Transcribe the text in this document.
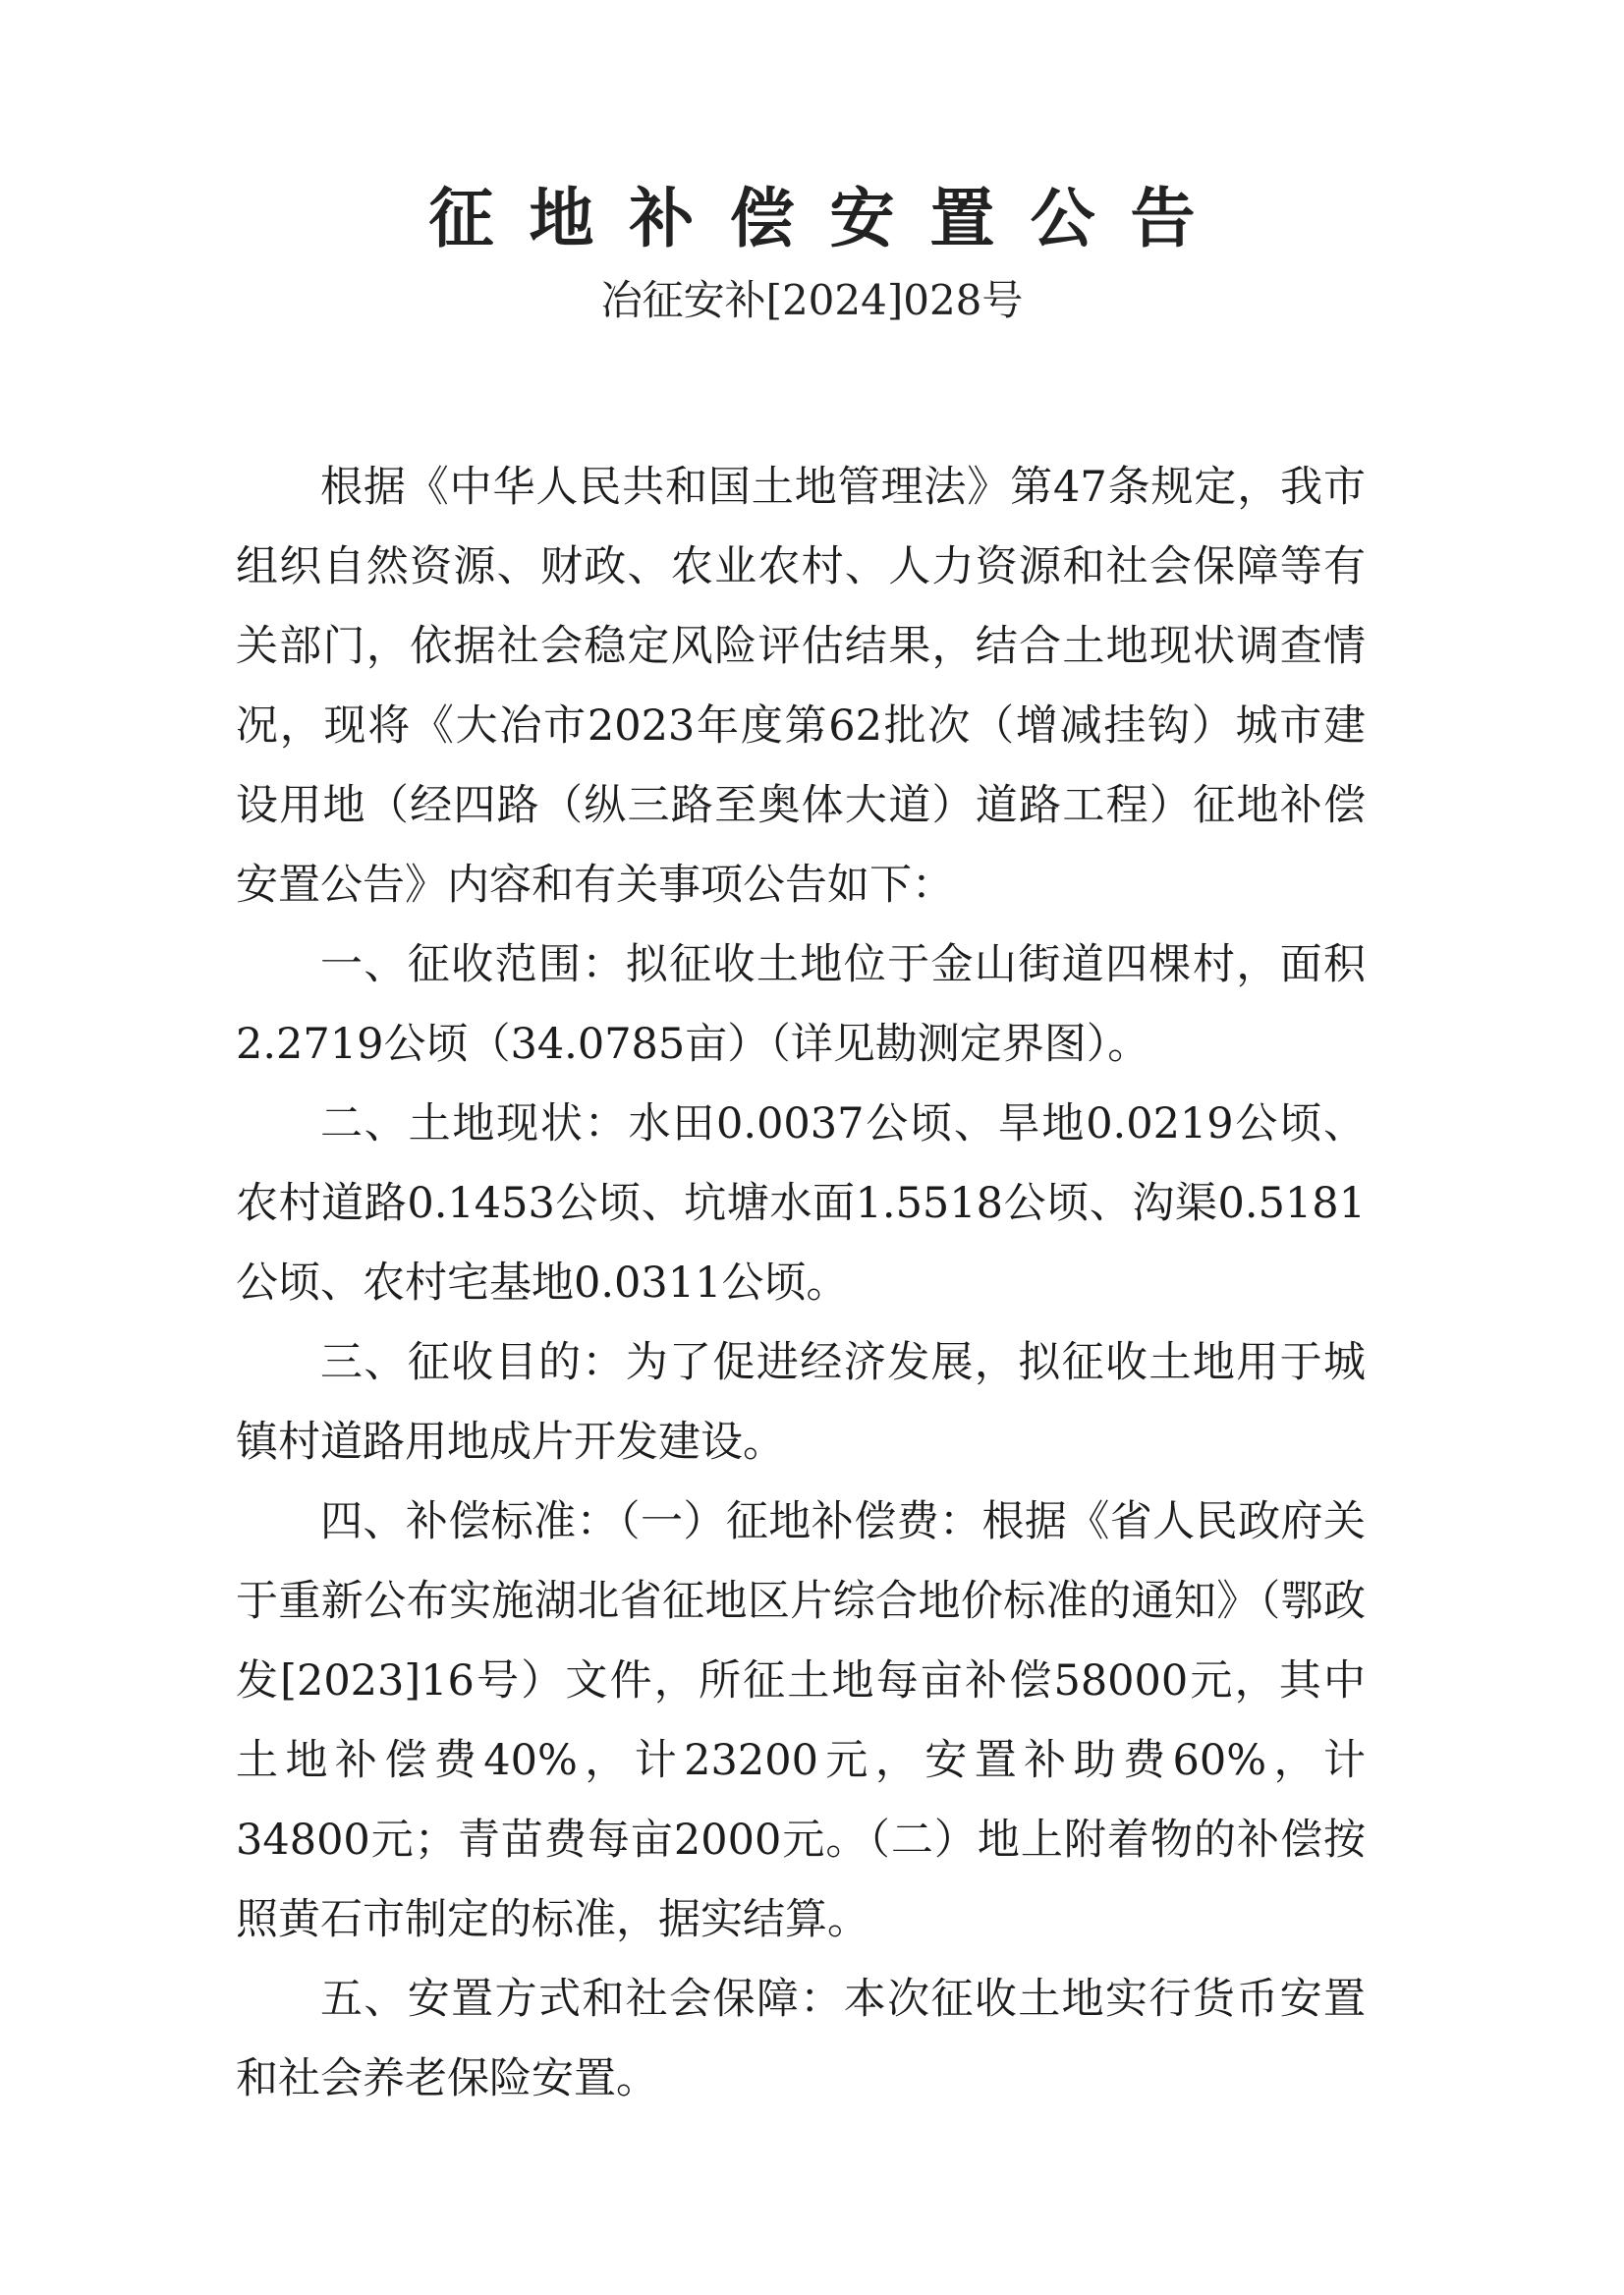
征地补偿安置公告
冶征安补[2024]028号

根据《中华人民共和国土地管理法》第47条规定，我市组织自然资源、财政、农业农村、人力资源和社会保障等有关部门，依据社会稳定风险评估结果，结合土地现状调查情况，现将《大冶市2023年度第62批次（增减挂钩）城市建设用地（经四路（纵三路至奥体大道）道路工程）征地补偿安置公告》内容和有关事项公告如下：

一、征收范围：拟征收土地位于金山街道四棵村，面积2.2719公顷（34.0785亩）（详见勘测定界图）。

二、土地现状：水田0.0037公顷、旱地0.0219公顷、农村道路0.1453公顷、坑塘水面1.5518公顷、沟渠0.5181公顷、农村宅基地0.0311公顷。

三、征收目的：为了促进经济发展，拟征收土地用于城镇村道路用地成片开发建设。

四、补偿标准：（一）征地补偿费：根据《省人民政府关于重新公布实施湖北省征地区片综合地价标准的通知》（鄂政发[2023]16号）文件，所征土地每亩补偿58000元，其中土地补偿费40%，计23200元，安置补助费60%，计34800元；青苗费每亩2000元。（二）地上附着物的补偿按照黄石市制定的标准，据实结算。

五、安置方式和社会保障：本次征收土地实行货币安置和社会养老保险安置。
